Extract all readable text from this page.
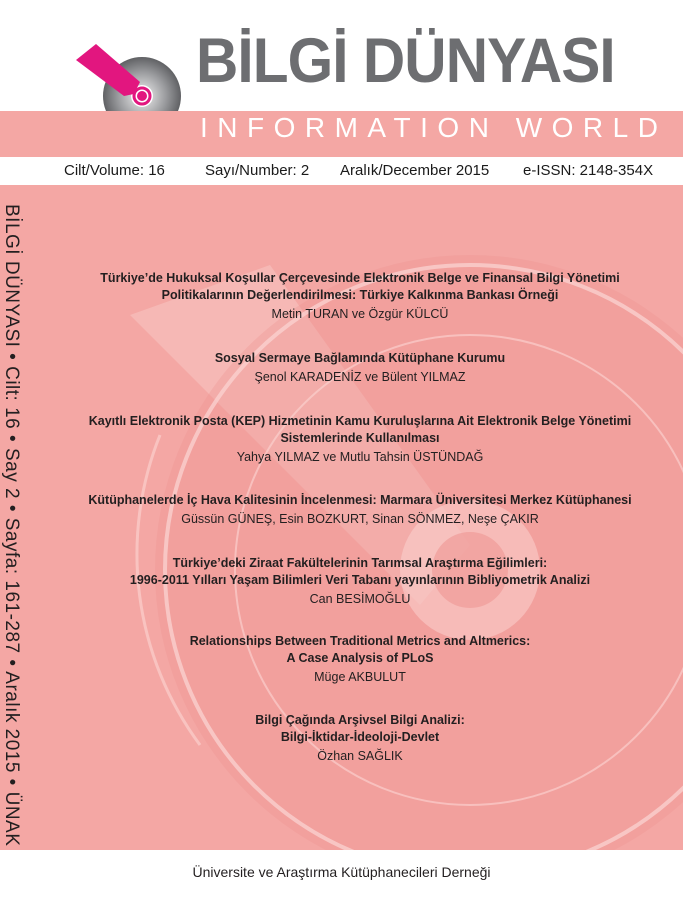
BİLGİ DÜNYASI
INFORMATION WORLD
Cilt/Volume: 16	Sayı/Number: 2 Aralık/December 2015 e-ISSN: 2148-354X
BİLGİ DÜNYASI • Cilt: 16 • Say 2 • Sayfa: 161-287 • Aralık 2015 • ÜNAK	Türkiye’de Hukuksal Koşullar Çerçevesinde Elektronik Belge ve Finansal Bilgi Yönetimi
Politikalarının Değerlendirilmesi: Türkiye Kalkınma Bankası Örneği
Metin TURAN ve Özgür KÜLCÜ
Sosyal Sermaye Bağlamında Kütüphane Kurumu
Şenol KARADENİZ ve Bülent YILMAZ
Kayıtlı Elektronik Posta (KEP) Hizmetinin Kamu Kuruluşlarına Ait Elektronik Belge Yönetimi
Sistemlerinde Kullanılması
Yahya YILMAZ ve Mutlu Tahsin ÜSTÜNDAĞ
Kütüphanelerde İç Hava Kalitesinin İncelenmesi: Marmara Üniversitesi Merkez Kütüphanesi
Güssün GÜNEŞ, Esin BOZKURT, Sinan SÖNMEZ, Neşe ÇAKIR
Türkiye’deki Ziraat Fakültelerinin Tarımsal Araştırma Eğilimleri:
1996-2011 Yılları Yaşam Bilimleri Veri Tabanı yayınlarının Bibliyometrik Analizi
Can BESİMOĞLU
Relationships Between Traditional Metrics and Altmerics:
A Case Analysis of PLoS
Müge AKBULUT
Bilgi Çağında Arşivsel Bilgi Analizi:
Bilgi-İktidar-İdeoloji-Devlet
Özhan SAĞLIK
Üniversite ve Araştırma Kütüphanecileri Derneği
